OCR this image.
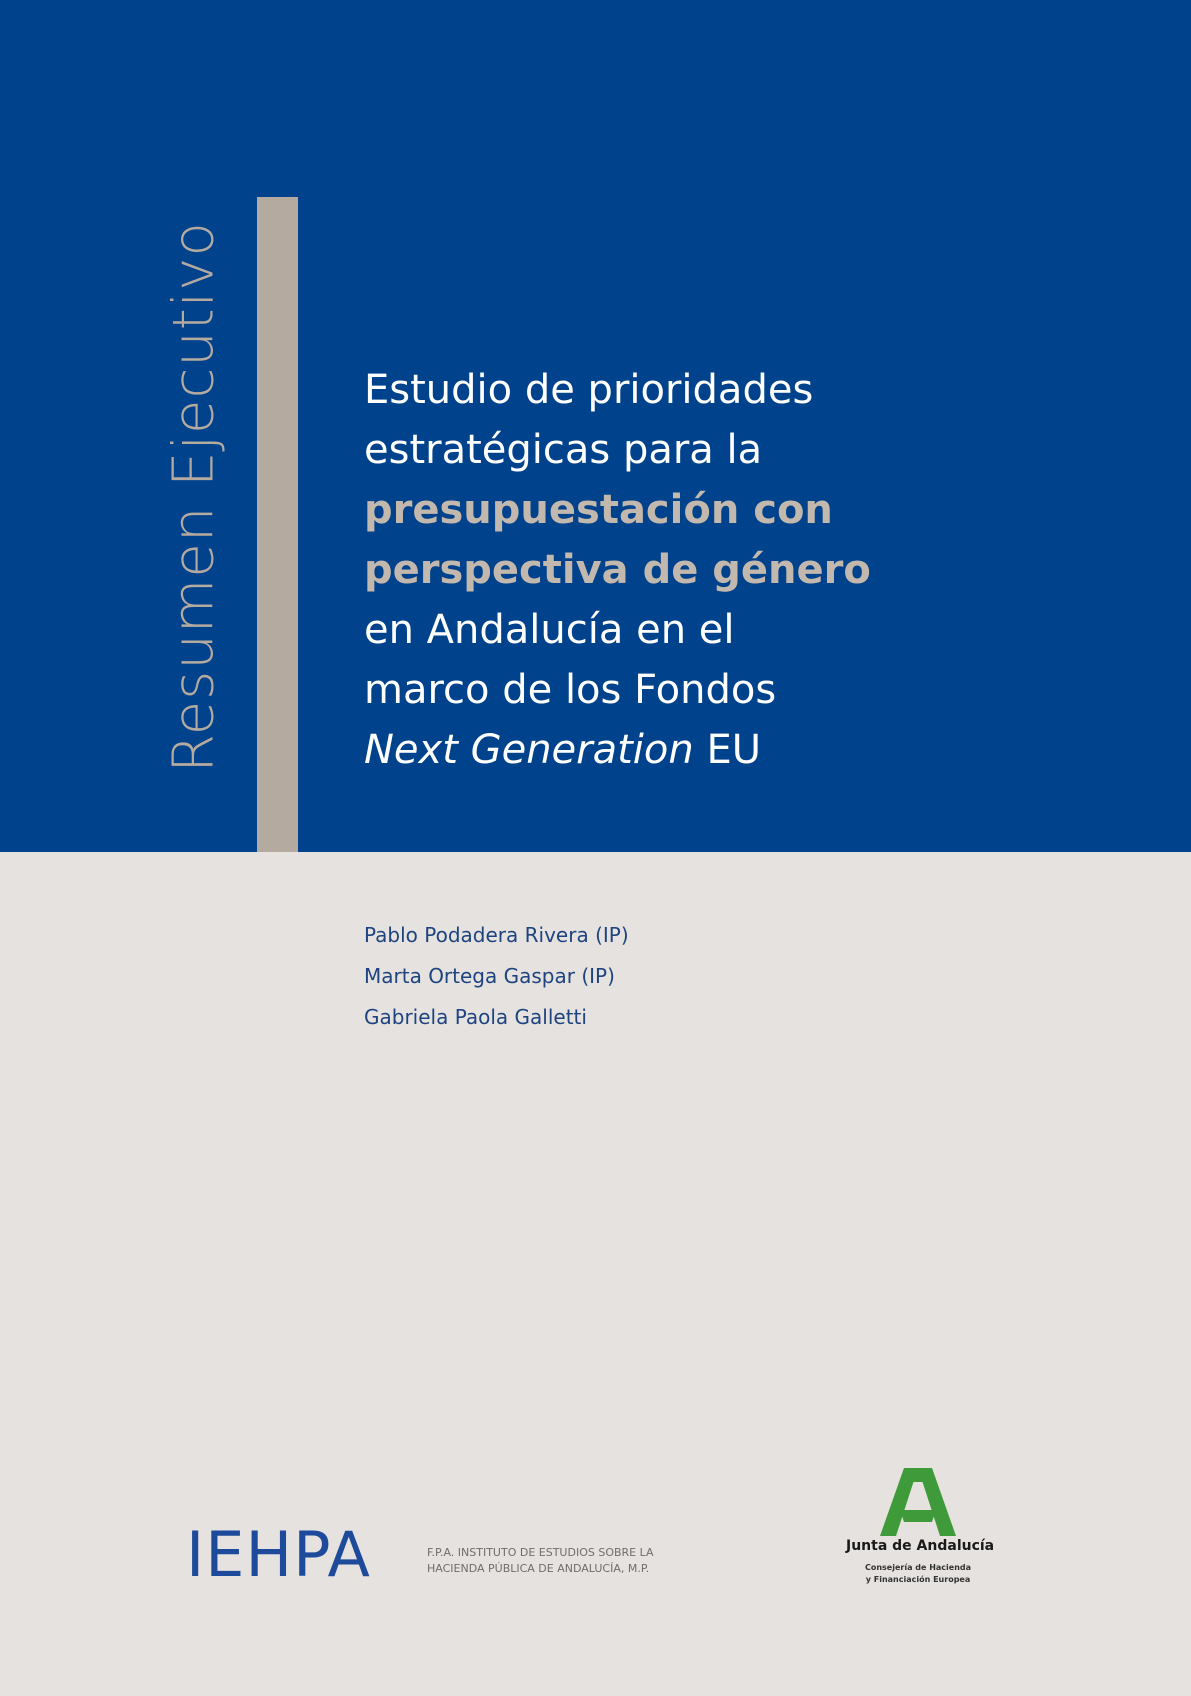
Resumen Ejecutivo	Estudio de prioridades
estratégicas para la
presupuestación con
perspectiva de género
en Andalucía en el
marco de los Fondos
Next Generation EU
Pablo Podadera Rivera (IP)
Marta Ortega Gaspar (IP)
Gabriela Paola Galletti
IEHPA	F.P.A. INSTITUTO DE ESTUDIOS SOBRE LA
HACIENDA PÚBLICA DE ANDALUCÍA, M.P.
Junta de Andalucía
Consejería de Hacienda
y Financiación Europea
